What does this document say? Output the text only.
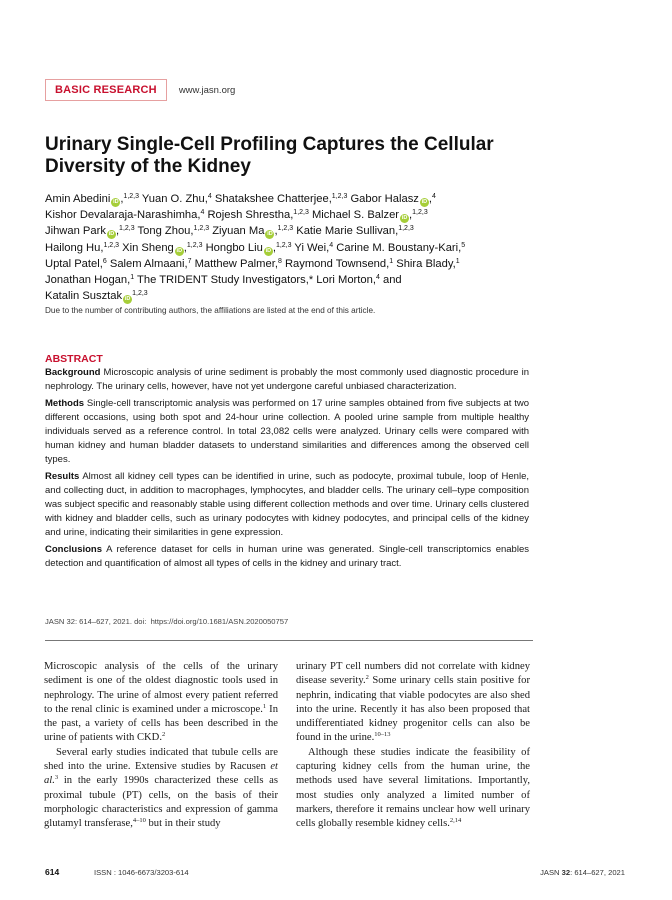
BASIC RESEARCH	www.jasn.org
Urinary Single-Cell Profiling Captures the Cellular Diversity of the Kidney
Amin Abedini iD ,$^{1,2,3}$ Yuan O. Zhu,$^4$ Shatakshee Chatterjee,$^{1,2,3}$ Gabor Halasz iD ,$^4$
Kishor Devalaraja-Narashimha,$^4$ Rojesh Shrestha,$^{1,2,3}$ Michael S. Balzer iD ,$^{1,2,3}$
Jihwan Park iD ,$^{1,2,3}$ Tong Zhou,$^{1,2,3}$ Ziyuan Ma iD ,$^{1,2,3}$ Katie Marie Sullivan,$^{1,2,3}$
Hailong Hu,$^{1,2,3}$ Xin Sheng iD ,$^{1,2,3}$ Hongbo Liu iD ,$^{1,2,3}$ Yi Wei,$^4$ Carine M. Boustany-Kari,$^5$
Uptal Patel,$^6$ Salem Almaani,$^7$ Matthew Palmer,$^8$ Raymond Townsend,$^1$ Shira Blady,$^1$
Jonathan Hogan,$^1$ The TRIDENT Study Investigators,* Lori Morton,$^4$ and
Katalin Susztak iD$^{1,2,3}$
Due to the number of contributing authors, the affiliations are listed at the end of this article.
ABSTRACT

Background Microscopic analysis of urine sediment is probably the most commonly used diagnostic procedure in nephrology. The urinary cells, however, have not yet undergone careful unbiased characterization.

Methods Single-cell transcriptomic analysis was performed on 17 urine samples obtained from five subjects at two different occasions, using both spot and 24-hour urine collection. A pooled urine sample from multiple healthy individuals served as a reference control. In total 23,082 cells were analyzed. Urinary cells were compared with human kidney and human bladder datasets to understand similarities and differences among the observed cell types.

Results Almost all kidney cell types can be identified in urine, such as podocyte, proximal tubule, loop of Henle, and collecting duct, in addition to macrophages, lymphocytes, and bladder cells. The urinary cell–type composition was subject specific and reasonably stable using different collection methods and over time. Urinary cells clustered with kidney and bladder cells, such as urinary podocytes with kidney podocytes, and principal cells of the kidney and urine, indicating their similarities in gene expression.

Conclusions A reference dataset for cells in human urine was generated. Single-cell transcriptomics enables detection and quantification of almost all types of cells in the kidney and urinary tract.

JASN 32: 614–627, 2021. doi: https://doi.org/10.1681/ASN.2020050757

Microscopic analysis of the cells of the urinary sediment is one of the oldest diagnostic tools used in nephrology. The urine of almost every patient referred to the renal clinic is examined under a microscope.$^1$ In the past, a variety of cells has been described in the urine of patients with CKD.$^2$

Several early studies indicated that tubule cells are shed into the urine. Extensive studies by Racusen et al.$^3$ in the early 1990s characterized these cells as proximal tubule (PT) cells, on the basis of their morphologic characteristics and expression of gamma glutamyl transferase,$^{4-10}$ but in their study

urinary PT cell numbers did not correlate with kidney disease severity.$^2$ Some urinary cells stain positive for nephrin, indicating that viable podocytes are also shed into the urine. Recently it has also been proposed that undifferentiated kidney progenitor cells can also be found in the urine.$^{10-13}$

Although these studies indicate the feasibility of capturing kidney cells from the human urine, the methods used have several limitations. Importantly, most studies only analyzed a limited number of markers, therefore it remains unclear how well urinary cells globally resemble kidney cells.$^{2,14}$

614	ISSN : 1046-6673/3203-614	JASN 32: 614–627, 2021
